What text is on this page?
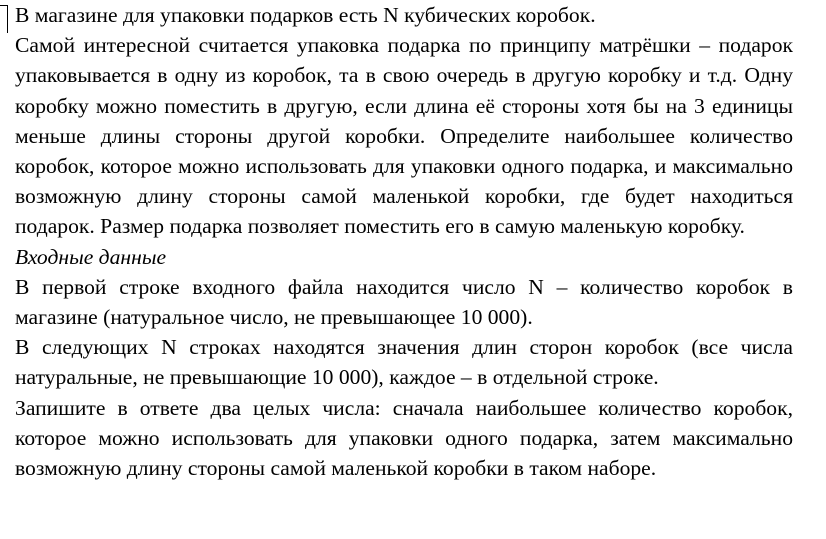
В магазине для упаковки подарков есть N кубических коробок.

Самой интересной считается упаковка подарка по принципу матрёшки – подарок упаковывается в одну из коробок, та в свою очередь в другую коробку и т.д. Одну коробку можно поместить в другую, если длина её стороны хотя бы на 3 единицы меньше длины стороны другой коробки. Определите наибольшее количество коробок, которое можно использовать для упаковки одного подарка, и максимально возможную длину стороны самой маленькой коробки, где будет находиться подарок. Размер подарка позволяет поместить его в самую маленькую коробку.

Входные данные

В первой строке входного файла находится число N – количество коробок в магазине (натуральное число, не превышающее 10 000).

В следующих N строках находятся значения длин сторон коробок (все числа натуральные, не превышающие 10 000), каждое – в отдельной строке.

Запишите в ответе два целых числа: сначала наибольшее количество коробок, которое можно использовать для упаковки одного подарка, затем максимально возможную длину стороны самой маленькой коробки в таком наборе.
